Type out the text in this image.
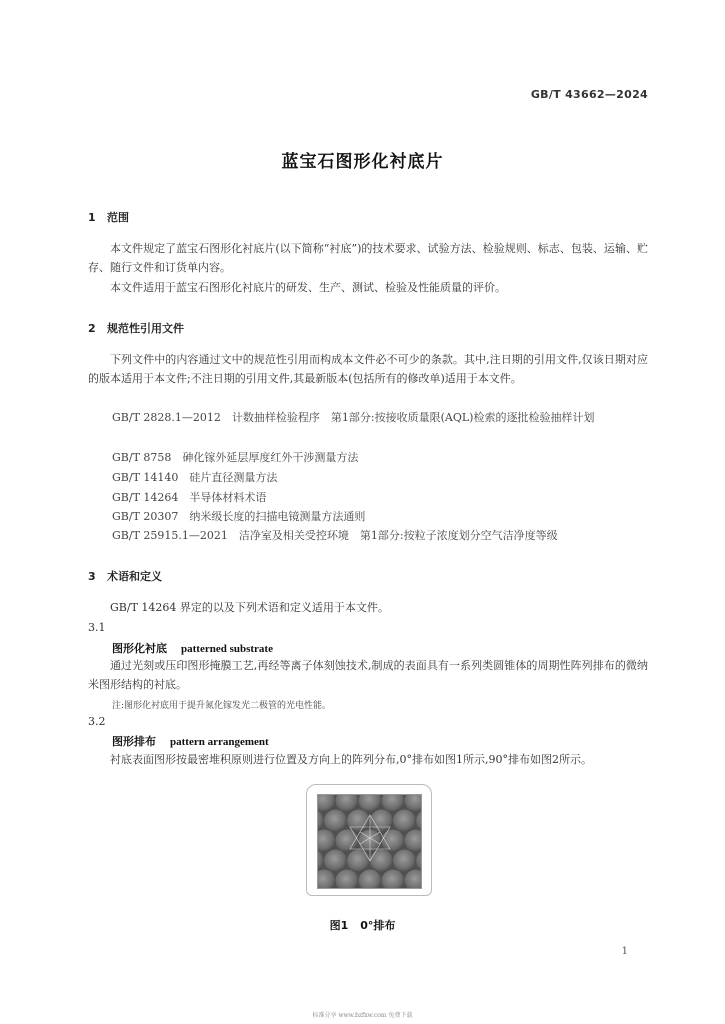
GB/T 43662—2024
蓝宝石图形化衬底片
1 范围
本文件规定了蓝宝石图形化衬底片(以下简称“衬底”)的技术要求、试验方法、检验规则、标志、包装、运输、贮存、随行文件和订货单内容。
本文件适用于蓝宝石图形化衬底片的研发、生产、测试、检验及性能质量的评价。
2 规范性引用文件
下列文件中的内容通过文中的规范性引用而构成本文件必不可少的条款。其中,注日期的引用文件,仅该日期对应的版本适用于本文件;不注日期的引用文件,其最新版本(包括所有的修改单)适用于本文件。
GB/T 2828.1—2012　计数抽样检验程序　第1部分:按接收质量限(AQL)检索的逐批检验抽样计划
GB/T 8758　砷化镓外延层厚度红外干涉测量方法
GB/T 14140　硅片直径测量方法
GB/T 14264　半导体材料术语
GB/T 20307　纳米级长度的扫描电镜测量方法通则
GB/T 25915.1—2021　洁净室及相关受控环境　第1部分:按粒子浓度划分空气洁净度等级
3 术语和定义
GB/T 14264 界定的以及下列术语和定义适用于本文件。
3.1
图形化衬底 patterned substrate
通过光刻或压印图形掩膜工艺,再经等离子体刻蚀技术,制成的表面具有一系列类圆锥体的周期性阵列排布的微纳米图形结构的衬底。
注:图形化衬底用于提升氮化镓发光二极管的光电性能。
3.2
图形排布 pattern arrangement
衬底表面图形按最密堆积原则进行位置及方向上的阵列分布,0°排布如图1所示,90°排布如图2所示。
图1 0°排布
1
标准分享 www.bzfxw.com 免费下载
